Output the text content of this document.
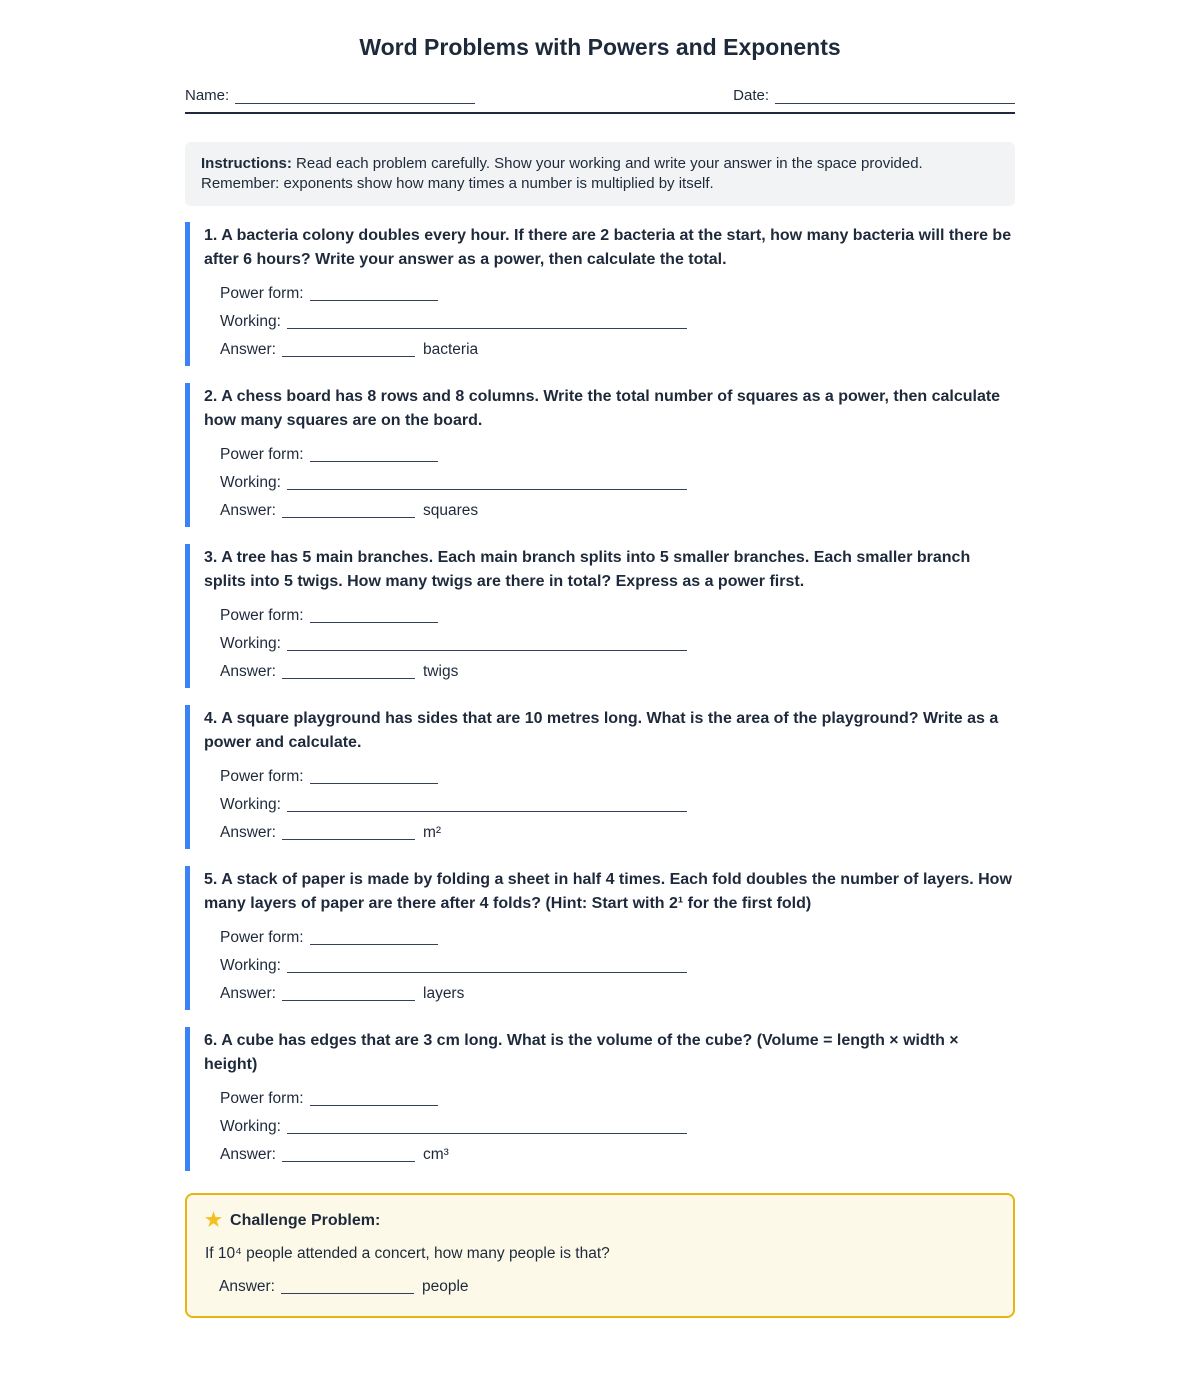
Word Problems with Powers and Exponents
Name:	Date:
Instructions: Read each problem carefully. Show your working and write your answer in the space provided. Remember: exponents show how many times a number is multiplied by itself.
1. A bacteria colony doubles every hour. If there are 2 bacteria at the start, how many bacteria will there be after 6 hours? Write your answer as a power, then calculate the total.
Power form:
Working:
Answer:	bacteria
2. A chess board has 8 rows and 8 columns. Write the total number of squares as a power, then calculate how many squares are on the board.
Power form:
Working:
Answer:	squares
3. A tree has 5 main branches. Each main branch splits into 5 smaller branches. Each smaller branch splits into 5 twigs. How many twigs are there in total? Express as a power first.
Power form:
Working:
Answer:	twigs
4. A square playground has sides that are 10 metres long. What is the area of the playground? Write as a power and calculate.
Power form:
Working:
Answer:	m²
5. A stack of paper is made by folding a sheet in half 4 times. Each fold doubles the number of layers. How many layers of paper are there after 4 folds? (Hint: Start with 2¹ for the first fold)
Power form:
Working:
Answer:	layers
6. A cube has edges that are 3 cm long. What is the volume of the cube? (Volume = length × width × height)
Power form:
Working:
Answer:	cm³
★ Challenge Problem:
If 10⁴ people attended a concert, how many people is that?
Answer:	people
